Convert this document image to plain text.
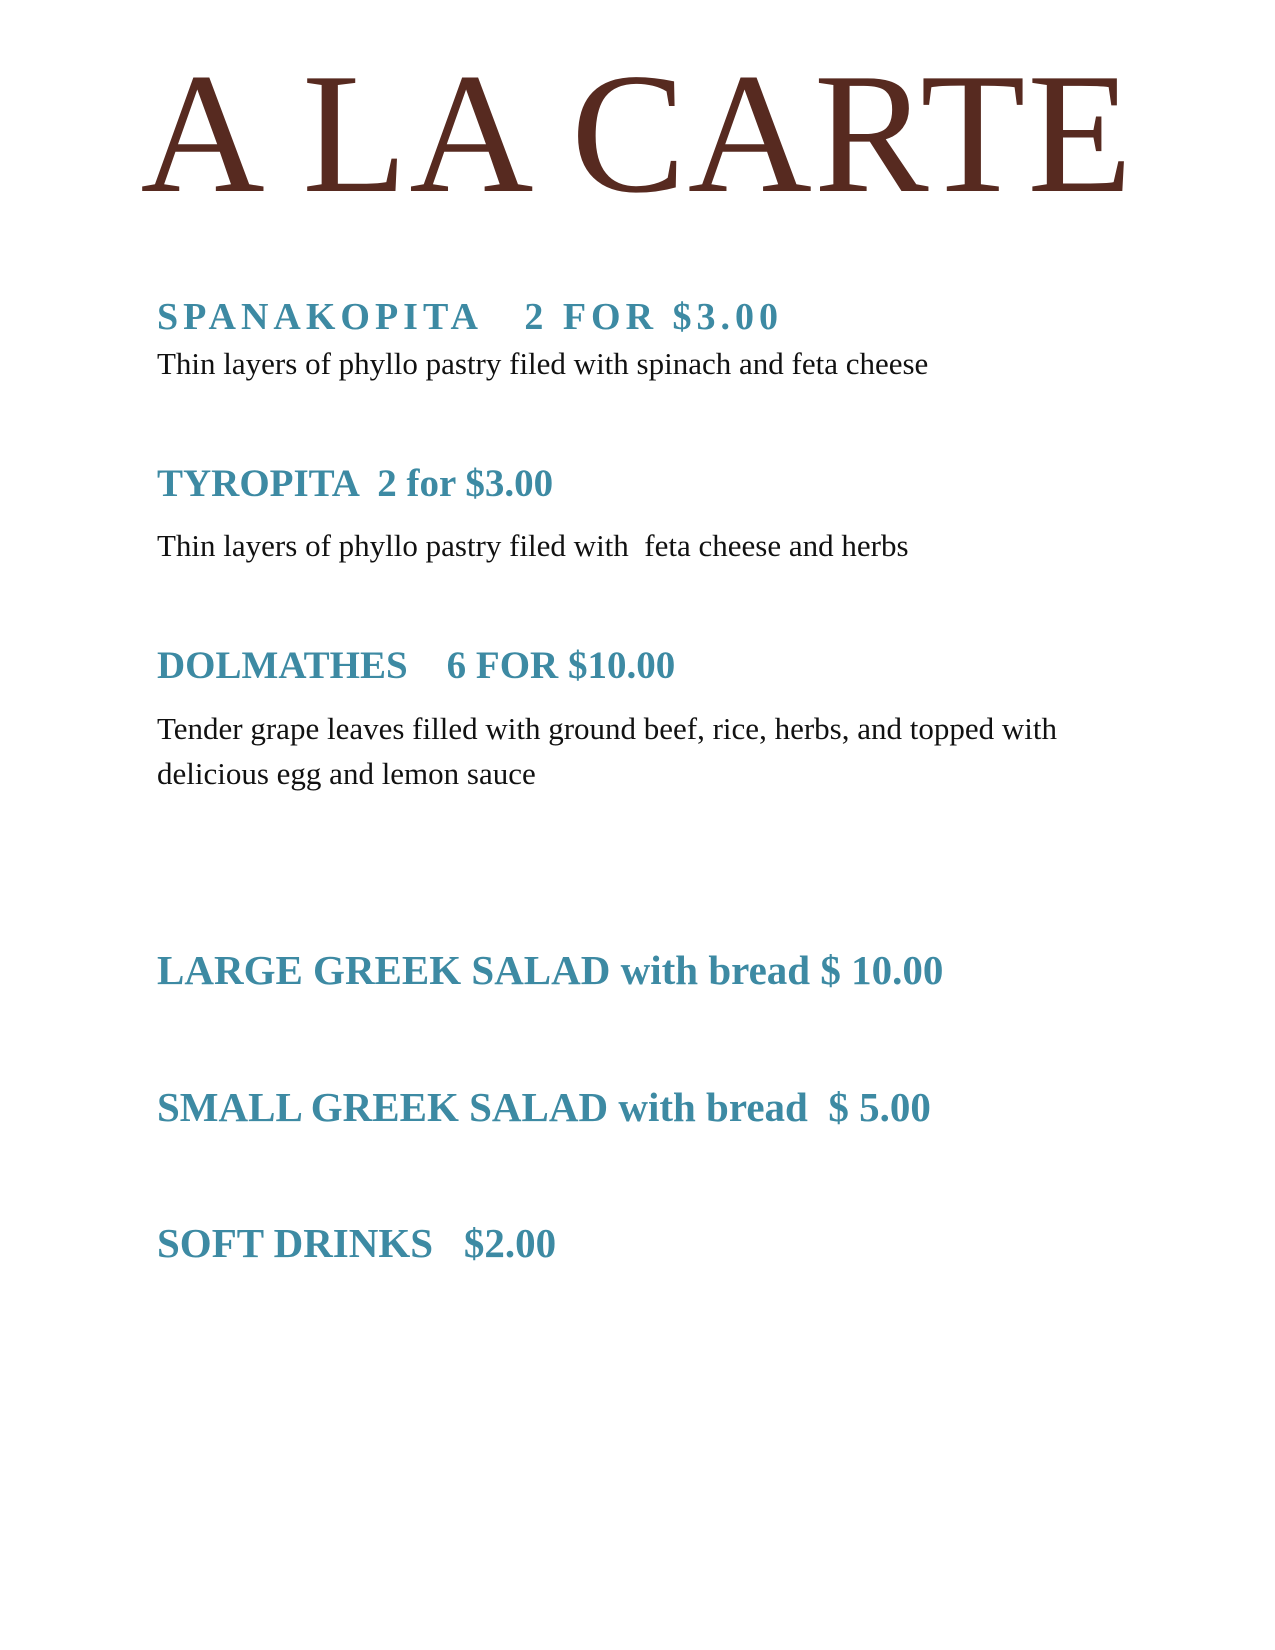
A LA CARTE
SPANAKOPITA   2 FOR $3.00
Thin layers of phyllo pastry filed with spinach and feta cheese
TYROPITA  2 for $3.00
Thin layers of phyllo pastry filed with  feta cheese and herbs
DOLMATHES    6 FOR $10.00
Tender grape leaves filled with ground beef, rice, herbs, and topped with delicious egg and lemon sauce
LARGE GREEK SALAD with bread $ 10.00
SMALL GREEK SALAD with bread  $ 5.00
SOFT DRINKS   $2.00
